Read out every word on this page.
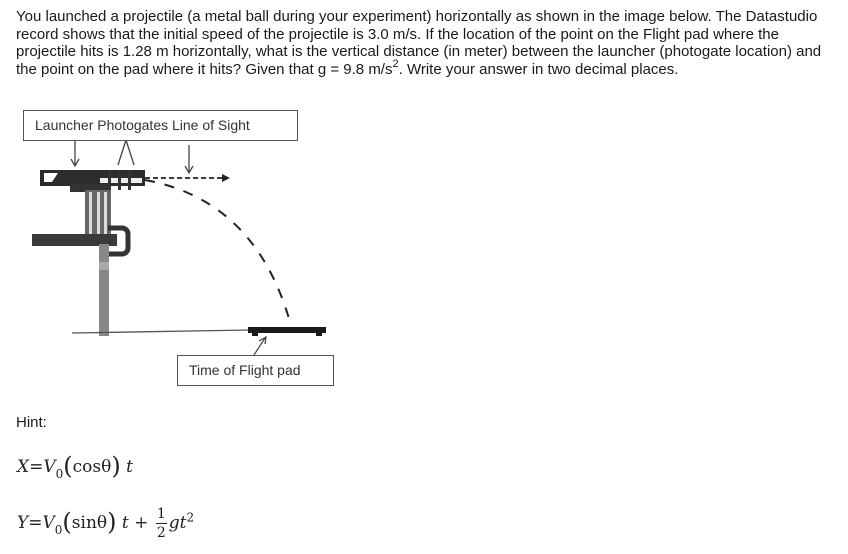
You launched a projectile (a metal ball during your experiment) horizontally as shown in the image below. The Datastudio record shows that the initial speed of the projectile is 3.0 m/s. If the location of the point on the Flight pad where the projectile hits is 1.28 m horizontally, what is the vertical distance (in meter) between the launcher (photogate location) and the point on the pad where it hits? Given that g = 9.8 $m/s^2$. Write your answer in two decimal places.
Launcher Photogates Line of Sight
Time of Flight pad
Hint:
$X=V_0(\cos\theta)$ t
$Y=V_0(\sin\theta) t + \frac{1}{2} gt^2$
